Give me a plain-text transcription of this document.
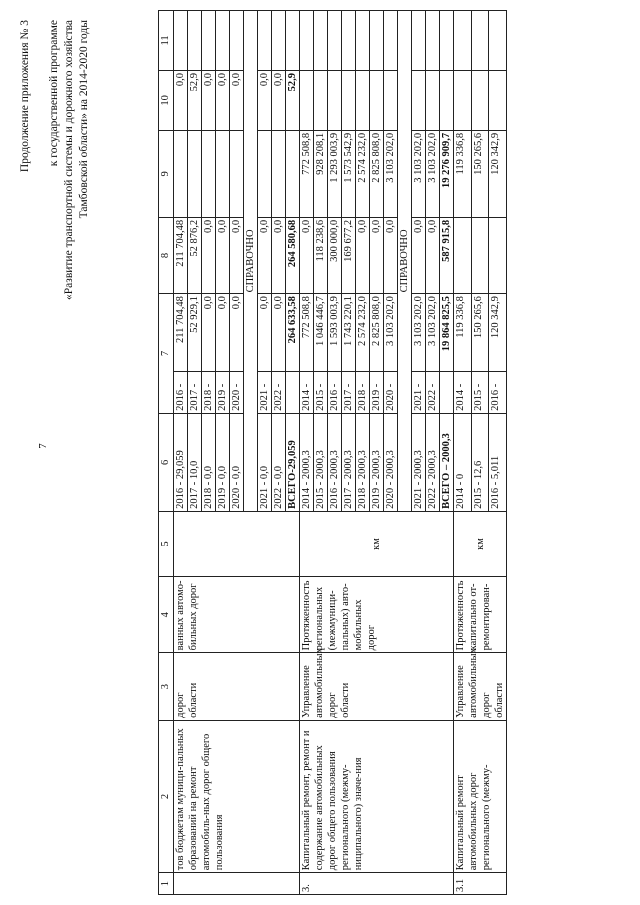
7
Продолжение приложения № 3 к государственной программе «Развитие транспортной системы и дорожного хозяйства Тамбовской области» на 2014-2020 годы
1	2	3	4	5	6	7		8	9	10	11
	тов бюджетам муници-пальных образований на ремонт автомобиль-ных дорог общего пользования	дорог области	ванных автомо-бильных дорог		2016 - 29,059	2016 -	211 704,48	211 704,48		0,0	
					2017 - 10,0	2017 -	52 929,1	52 876,2		52,9	
					2018 - 0,0	2018 -	0,0	0,0		0,0	
					2019 - 0,0	2019 -	0,0	0,0		0,0	
					2020 - 0,0	2020 -	0,0	0,0		0,0	
					СПРАВОЧНО						
					2021 - 0,0	2021 -	0,0	0,0		0,0	
					2022 - 0,0	2022 -	0,0	0,0		0,0	
					ВСЕГО-29,059		264 633,58	264 580,68		52,9	
3.	Капитальный ремонт, ремонт и содержание автомобильных дорог общего пользования регионального (межму-ниципального) значе-ния	Управление автомобильных дорог области	Протяженность региональных (межмуници-пальных) авто-мобильных дорог	км	2014 - 2000,3	2014 -	772 508,8	0,0	772 508,8		
					2015 - 2000,3	2015 -	1 046 446,7	118 238,6	928 208,1		
					2016 - 2000,3	2016 -	1 593 003,9	300 000,0	1 293 003,9		
					2017 - 2000,3	2017 -	1 743 220,1	169 677,2	1 573 542,9		
					2018 - 2000,3	2018 -	2 574 232,0	0,0	2 574 232,0		
					2019 - 2000,3	2019 -	2 825 808,0	0,0	2 825 808,0		
					2020 - 2000,3	2020 -	3 103 202,0	0,0	3 103 202,0		
					СПРАВОЧНО						
					2021 - 2000,3	2021 -	3 103 202,0	0,0	3 103 202,0		
					2022 - 2000,3	2022 -	3 103 202,0	0,0	3 103 202,0		
					ВСЕГО – 2000,3		19 864 825,5	587 915,8	19 276 909,7		
3.1	Капитальный ремонт автомобильных дорог регионального (межму-	Управление автомобильных дорог области	Протяженность капитально от-ремонтирован-	км	2014 - 0	2014 -	119 336,8		119 336,8		
					2015 - 12,6	2015 -	150 265,6		150 265,6		
					2016 - 5,011	2016 -	120 342,9		120 342,9		
